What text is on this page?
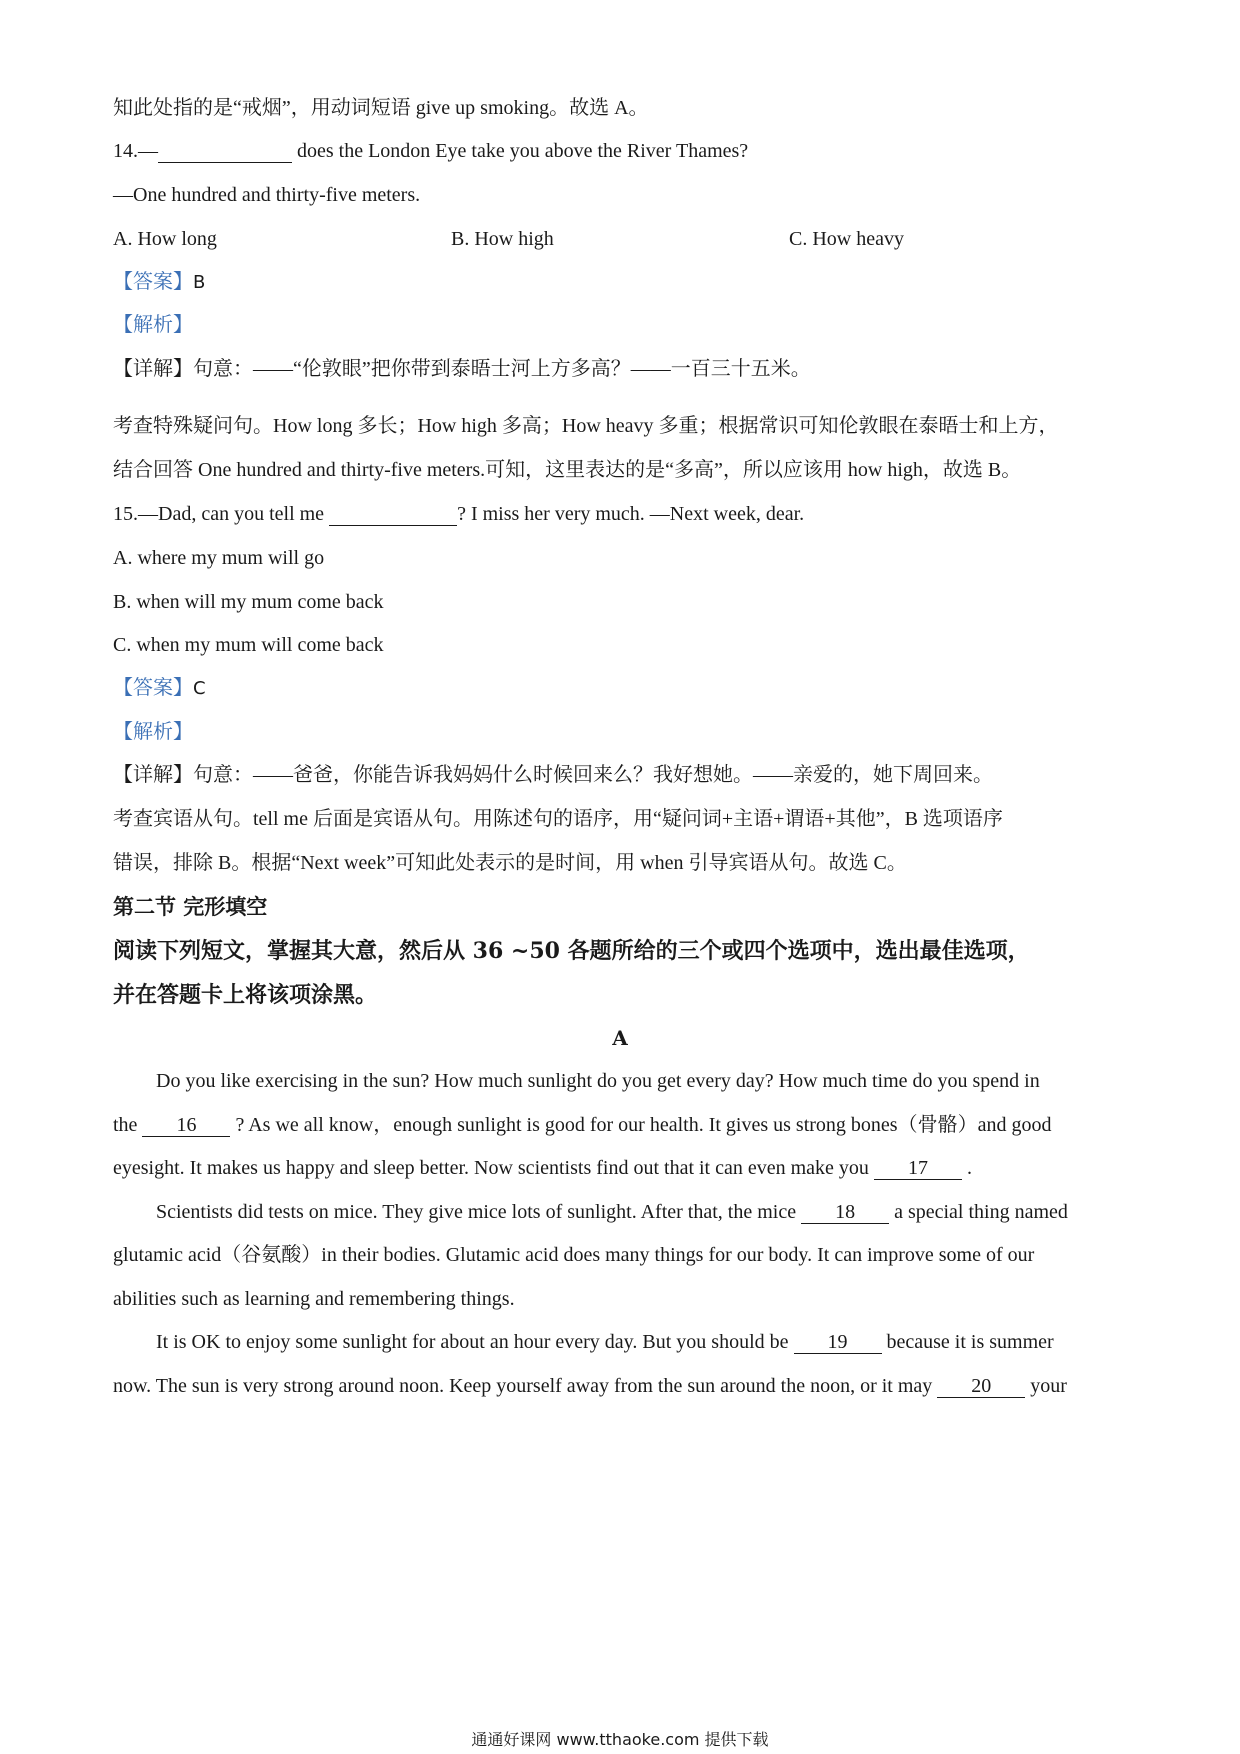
知此处指的是“戒烟”，用动词短语 give up smoking。故选 A。
14.—	does the London Eye take you above the River Thames?
—One hundred and thirty-five meters.
A. How long	B. How high	C. How heavy
【答案】B
【解析】
【详解】句意：——“伦敦眼”把你带到泰晤士河上方多高？——一百三十五米。
考查特殊疑问句。How long 多长；How high 多高；How heavy 多重；根据常识可知伦敦眼在泰晤士和上方，
结合回答 One hundred and thirty-five meters.可知，这里表达的是“多高”，所以应该用 how high，故选 B。
15.—Dad, can you tell me	? I miss her very much. —Next week, dear.
A. where my mum will go
B. when will my mum come back
C. when my mum will come back
【答案】C
【解析】
【详解】句意：——爸爸，你能告诉我妈妈什么时候回来么？我好想她。——亲爱的，她下周回来。
考查宾语从句。tell me 后面是宾语从句。用陈述句的语序，用“疑问词+主语+谓语+其他”，B 选项语序
错误，排除 B。根据“Next week”可知此处表示的是时间，用 when 引导宾语从句。故选 C。
第二节 完形填空
阅读下列短文，掌握其大意，然后从 36 ~50 各题所给的三个或四个选项中，选出最佳选项，
并在答题卡上将该项涂黑。
A
Do you like exercising in the sun? How much sunlight do you get every day? How much time do you spend in
the 16 ? As we all know，enough sunlight is good for our health. It gives us strong bones（骨骼）and good
eyesight. It makes us happy and sleep better. Now scientists find out that it can even make you 17 .
Scientists did tests on mice. They give mice lots of sunlight. After that, the mice 18 a special thing named
glutamic acid（谷氨酸）in their bodies. Glutamic acid does many things for our body. It can improve some of our
abilities such as learning and remembering things.
It is OK to enjoy some sunlight for about an hour every day. But you should be 19 because it is summer
now. The sun is very strong around noon. Keep yourself away from the sun around the noon, or it may 20 your
通通好课网 www.tthaoke.com 提供下载
